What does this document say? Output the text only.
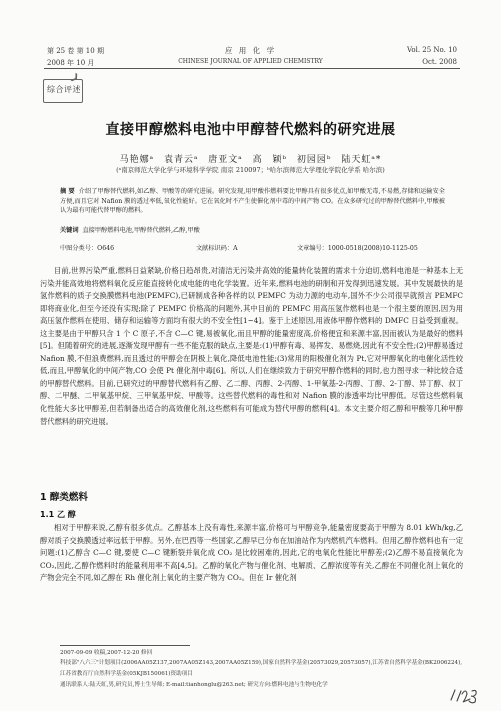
第 25 卷 第 10 期
2008 年 10 月
应 用 化 学
CHINESE JOURNAL OF APPLIED CHEMISTRY
Vol. 25 No. 10
Oct. 2008
综合评述
❯
直接甲醇燃料电池中甲醇替代燃料的研究进展
马艳娜ᵃ 袁青云ᵃ 唐亚文ᵃ 高 颖ᵇ 初园园ᵇ 陆天虹ᵃ*
(ᵃ南京师范大学化学与环境科学学院 南京 210097；ᵇ哈尔滨师范大学理化学院化学系 哈尔滨)
摘 要 介绍了甲醇替代燃料,如乙醇、甲酸等的研究进展。研究发现,用甲酸作燃料要比甲醇具有很多优点,如甲酸无毒,不易燃,存储和运输安全方便,而且它对 Nafion 膜的透过率低,氧化性能好。它在氧化时不产生使催化剂中毒的中间产物 CO。在众多研究过的甲醇替代燃料中,甲酸被认为最有可能代替甲醇的燃料。
关键词 直接甲醇燃料电池,甲醇替代燃料,乙醇,甲酸
中图分类号：O646	文献标识码：A	文章编号：1000-0518(2008)10-1125-05
目前,世界污染严重,燃料日益紧缺,价格日趋昂贵,对清洁无污染并高效的能量转化装置的需求十分迫切,燃料电池是一种基本上无污染并能高效地将燃料氧化反应能直接转化成电能的电化学装置。近年来,燃料电池的研制和开发得到迅速发展。其中发展最快的是氢作燃料的质子交换膜燃料电池(PEMFC),已研制成各种各样的以 PEMFC 为动力源的电动车,国外不少公司很早就预言 PEMFC 即将商业化,但至今还没有实现;除了 PEMFC 价格高的问题外,其中目前的 PEMFC 用高压氢作燃料也是一个很主要的原因,因为用高压氢作燃料在使用、储存和运输等方面均有很大的不安全性[1~4]。鉴于上述原因,用液体甲醇作燃料的 DMFC 日益受到重视。这主要是由于甲醇只含 1 个 C 原子,不含 C—C 键,易被氧化,而且甲醇的能量密度高,价格便宜和来源丰富,因而被认为是最好的燃料[5]。但随着研究的进展,逐渐发现甲醇有一些不能克服的缺点,主要是:(1)甲醇有毒、易挥发、易燃烧,因此有不安全性;(2)甲醇易透过 Nafion 膜,不但浪费燃料,而且透过的甲醇会在阴极上氧化,降低电池性能;(3)常用的阳极催化剂为 Pt,它对甲醇氧化的电催化活性较低,而且,甲醇氧化的中间产物,CO 会使 Pt 催化剂中毒[6]。所以,人们在继续致力于研究甲醇作燃料的同时,也力图寻求一种比较合适的甲醇替代燃料。目前,已研究过的甲醇替代燃料有乙醇、乙二醇、丙醇、2-丙醇、1-甲氧基-2-丙醇、丁醇、2-丁醇、异丁醇、叔丁醇、二甲醚、二甲氧基甲烷、三甲氧基甲烷、甲酸等。这些替代燃料的毒性和对 Nafion 膜的渗透率均比甲醇低。尽管这些燃料氧化性能大多比甲醇差,但若制备出适合的高效催化剂,这些燃料有可能成为替代甲醇的燃料[4]。本文主要介绍乙醇和甲酸等几种甲醇替代燃料的研究进展。
1 醇类燃料
1.1 乙 醇
相对于甲醇来说,乙醇有很多优点。乙醇基本上没有毒性,来源丰富,价格可与甲醇竞争,能量密度要高于甲醇为 8.01 kWh/kg,乙醇对质子交换膜透过率远低于甲醇。另外,在巴西等一些国家,乙醇早已分布在加油站作为内燃机汽车燃料。但用乙醇作燃料也有一定问题:(1)乙醇含 C—C 键,要使 C—C 键断裂并氧化成 CO₂ 是比较困难的,因此,它的电氧化性能比甲醇差;(2)乙醇不易直接氧化为 CO₂,因此,乙醇作燃料时的能量利用率不高[4,5]。乙醇的氧化产物与催化剂、电解质、乙醇浓度等有关,乙醇在不同催化剂上氧化的产物会完全不同,如乙醇在 Rh 催化剂上氧化的主要产物为 CO₂。但在 Ir 催化剂
2007-09-09 收稿,2007-12-20 修回
科技部"八六三"计划项目(2006AA05Z137,2007AA05Z143,2007AA05Z159),国家自然科学基金(20573029,20573057),江苏省自然科学基金(BK2006224),江苏省教育厅自然科学基金(05KJB150061)资助项目
通讯联系人:陆天虹,男,研究员,博士生导师; E-mail:tianhonglu@263.net; 研究方向:燃料电池与生物电化学
